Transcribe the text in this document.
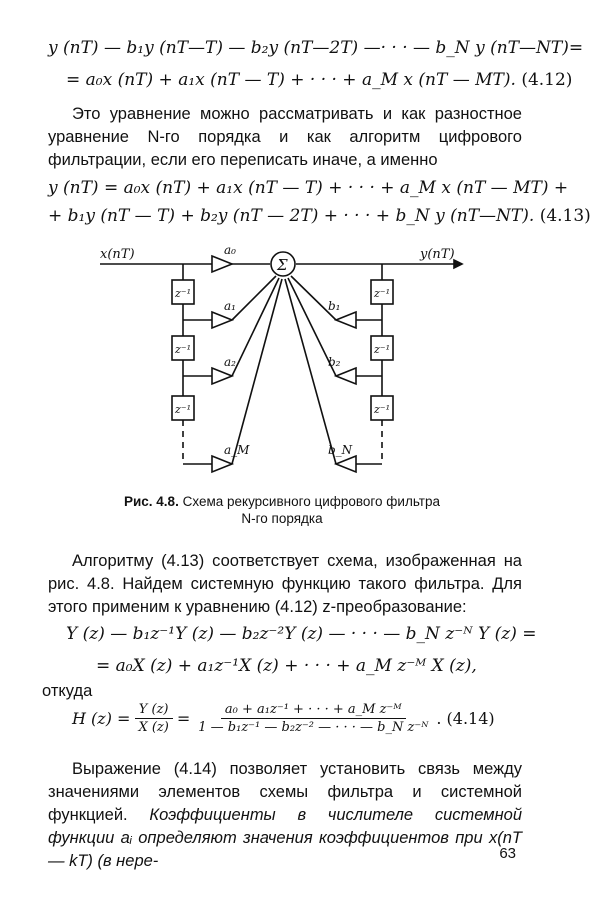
y (nT) — b₁y (nT—T) — b₂y (nT—2T) —· · · — b_N y (nT—NT)=
= a₀x (nT) + a₁x (nT — T) + · · · + a_M x (nT — MT). (4.12)
Это уравнение можно рассматривать и как разностное уравнение N-го порядка и как алгоритм цифрового фильтрации, если его переписать иначе, а именно
y (nT) = a₀x (nT) + a₁x (nT — T) + · · · + a_M x (nT — MT) +
+ b₁y (nT — T) + b₂y (nT — 2T) + · · · + b_N y (nT—NT). (4.13)
x(nT)	y(nT)
Σ
a₀
a₁
a₂
a_M
b₁
b₂
b_N
z⁻¹
z⁻¹
z⁻¹
z⁻¹
z⁻¹
z⁻¹
Рис. 4.8. Схема рекурсивного цифрового фильтра
N-го порядка
Алгоритму (4.13) соответствует схема, изображенная на рис. 4.8. Найдем системную функцию такого фильтра. Для этого применим к уравнению (4.12) z-преобразование:
Y (z) — b₁z⁻¹Y (z) — b₂z⁻²Y (z) — · · · — b_N z⁻ᴺ Y (z) =
= a₀X (z) + a₁z⁻¹X (z) + · · · + a_M z⁻ᴹ X (z),
откуда
H $(z) = \frac{Y (z)}{X (z)} = \frac{\text{a₀ + a₁z⁻¹ + · · · + a\_M z⁻ᴹ}}{\text{1 — b₁z⁻¹ — b₂z⁻² — · · · — b\_N z⁻ᴺ}}$ . (4.14)
Выражение (4.14) позволяет установить связь между значениями элементов схемы фильтра и системной функцией. Коэффициенты в числителе системной функции aᵢ определяют значения коэффициентов при x(nT — kT) (в нере-	63
